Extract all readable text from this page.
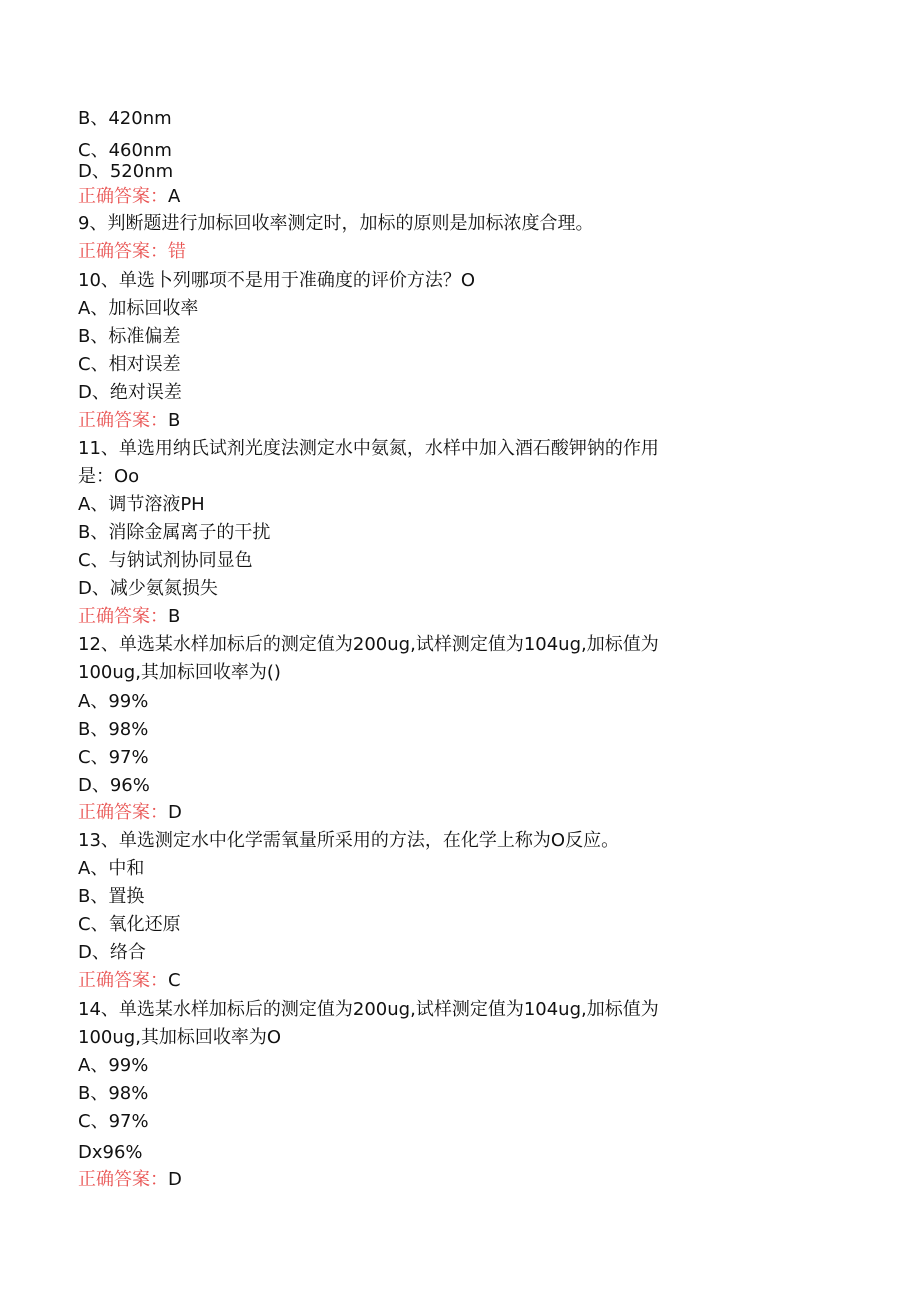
B、420nm
C、460nm
D、520nm
正确答案：A
9、判断题进行加标回收率测定时，加标的原则是加标浓度合理。
正确答案：错
10、单选卜列哪项不是用于准确度的评价方法？O
A、加标回收率
B、标准偏差
C、相对误差
D、绝对误差
正确答案：B
11、单选用纳氏试剂光度法测定水中氨氮，水样中加入酒石酸钾钠的作用
是：Oo
A、调节溶液PH
B、消除金属离子的干扰
C、与钠试剂协同显色
D、减少氨氮损失
正确答案：B
12、单选某水样加标后的测定值为200ug,试样测定值为104ug,加标值为
100ug,其加标回收率为()
A、99%
B、98%
C、97%
D、96%
正确答案：D
13、单选测定水中化学需氧量所采用的方法，在化学上称为O反应。
A、中和
B、置换
C、氧化还原
D、络合
正确答案：C
14、单选某水样加标后的测定值为200ug,试样测定值为104ug,加标值为
100ug,其加标回收率为O
A、99%
B、98%
C、97%
Dx96%
正确答案：D
